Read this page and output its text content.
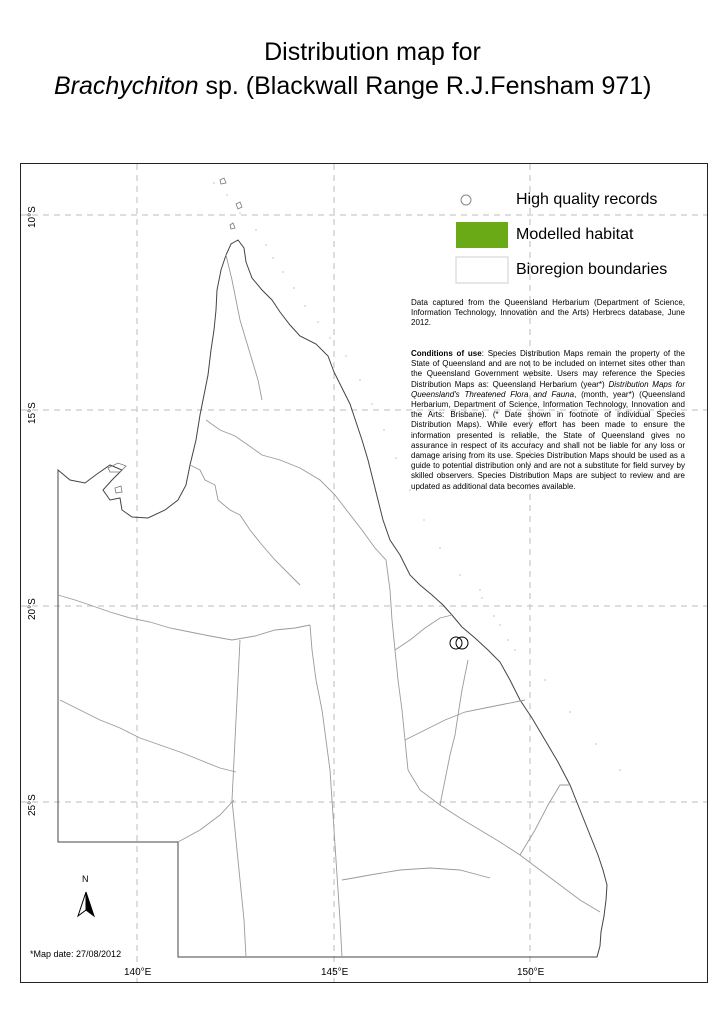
Distribution map for
Brachychiton sp. (Blackwall Range R.J.Fensham 971)
High quality records
Modelled habitat
Bioregion boundaries
Data captured from the Queensland Herbarium (Department of Science, Information Technology, Innovation and the Arts) Herbrecs database, June 2012.
Conditions of use: Species Distribution Maps remain the property of the State of Queensland and are not to be included on internet sites other than the Queensland Government website. Users may reference the Species Distribution Maps as: Queensland Herbarium (year*) Distribution Maps for Queensland's Threatened Flora and Fauna, (month, year*) (Queensland Herbarium, Department of Science, Information Technology, Innovation and the Arts: Brisbane). (* Date shown in footnote of individual Species Distribution Maps). While every effort has been made to ensure the information presented is reliable, the State of Queensland gives no assurance in respect of its accuracy and shall not be liable for any loss or damage arising from its use. Species Distribution Maps should be used as a guide to potential distribution only and are not a substitute for field survey by skilled observers. Species Distribution Maps are subject to review and are updated as additional data becomes available.
N
*Map date: 27/08/2012
140°E	145°E	150°E
10°S
15°S
20°S
25°S
